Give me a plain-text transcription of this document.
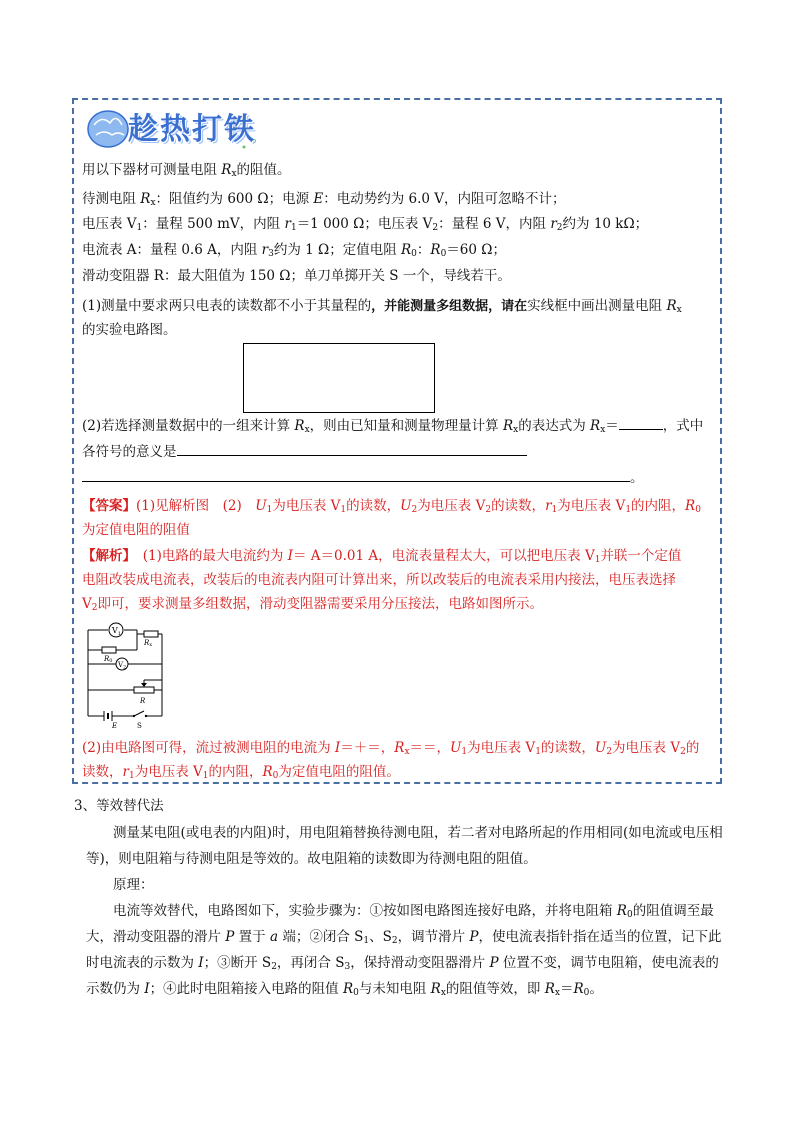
趁热打铁
用以下器材可测量电阻 $R_x$的阻值。
待测电阻 $R_x$：阻值约为 600 Ω；电源 E：电动势约为 6.0 V，内阻可忽略不计；
电压表 $V_1$：量程 500 mV，内阻 $r_1=1$ 000 Ω；电压表 $V_2$：量程 6 V，内阻 $r_2$约为 10 kΩ；
电流表 A：量程 0.6 A，内阻 $r_3$约为 1 Ω；定值电阻 $R_0$：$R_0=60$ Ω；
滑动变阻器 R：最大阻值为 150 Ω；单刀单掷开关 S 一个，导线若干。
(1)测量中要求两只电表的读数都不小于其量程的，并能测量多组数据，请在实线框中画出测量电阻 $R_x$
的实验电路图。
(2)若选择测量数据中的一组来计算 $R_x$，则由已知量和测量物理量计算 $R_x$的表达式为 $R_x=$	，式中
各符号的意义是
。
【答案】(1)见解析图　(2)　$U_1$为电压表 $V_1$的读数，$U_2$为电压表 $V_2$的读数，$r_1$为电压表 $V_1$的内阻，$R_0$
为定值电阻的阻值
【解析】　(1)电路的最大电流约为 I＝ A＝0.01 A，电流表量程太大，可以把电压表 $V_1$并联一个定值
电阻改装成电流表，改装后的电流表内阻可计算出来，所以改装后的电流表采用内接法，电压表选择
$V_2$即可，要求测量多组数据，滑动变阻器需要采用分压接法，电路如图所示。
$V_1$
Rx
R0 $V_2$
R
E	S
(2)由电路图可得，流过被测电阻的电流为 I＝＋＝，$R_x==$，$U_1$为电压表 $V_1$的读数，$U_2$为电压表 $V_2$的
读数，$r_1$为电压表 $V_1$的内阻，$R_0$为定值电阻的阻值。
3、等效替代法
　　测量某电阻(或电表的内阻)时，用电阻箱替换待测电阻，若二者对电路所起的作用相同(如电流或电压相等)，则电阻箱与待测电阻是等效的。故电阻箱的读数即为待测电阻的阻值。
　　原理：
　　电流等效替代，电路图如下，实验步骤为：①按如图电路图连接好电路，并将电阻箱 $R_0$的阻值调至最大，滑动变阻器的滑片 P 置于 a 端；②闭合 $S_1$、$S_2$，调节滑片 P，使电流表指针指在适当的位置，记下此时电流表的示数为 I；③断开 $S_2$，再闭合 $S_3$，保持滑动变阻器滑片 P 位置不变，调节电阻箱，使电流表的示数仍为 I；④此时电阻箱接入电路的阻值 $R_0$与未知电阻 $R_x$的阻值等效，即 $R_x=R_0$。
